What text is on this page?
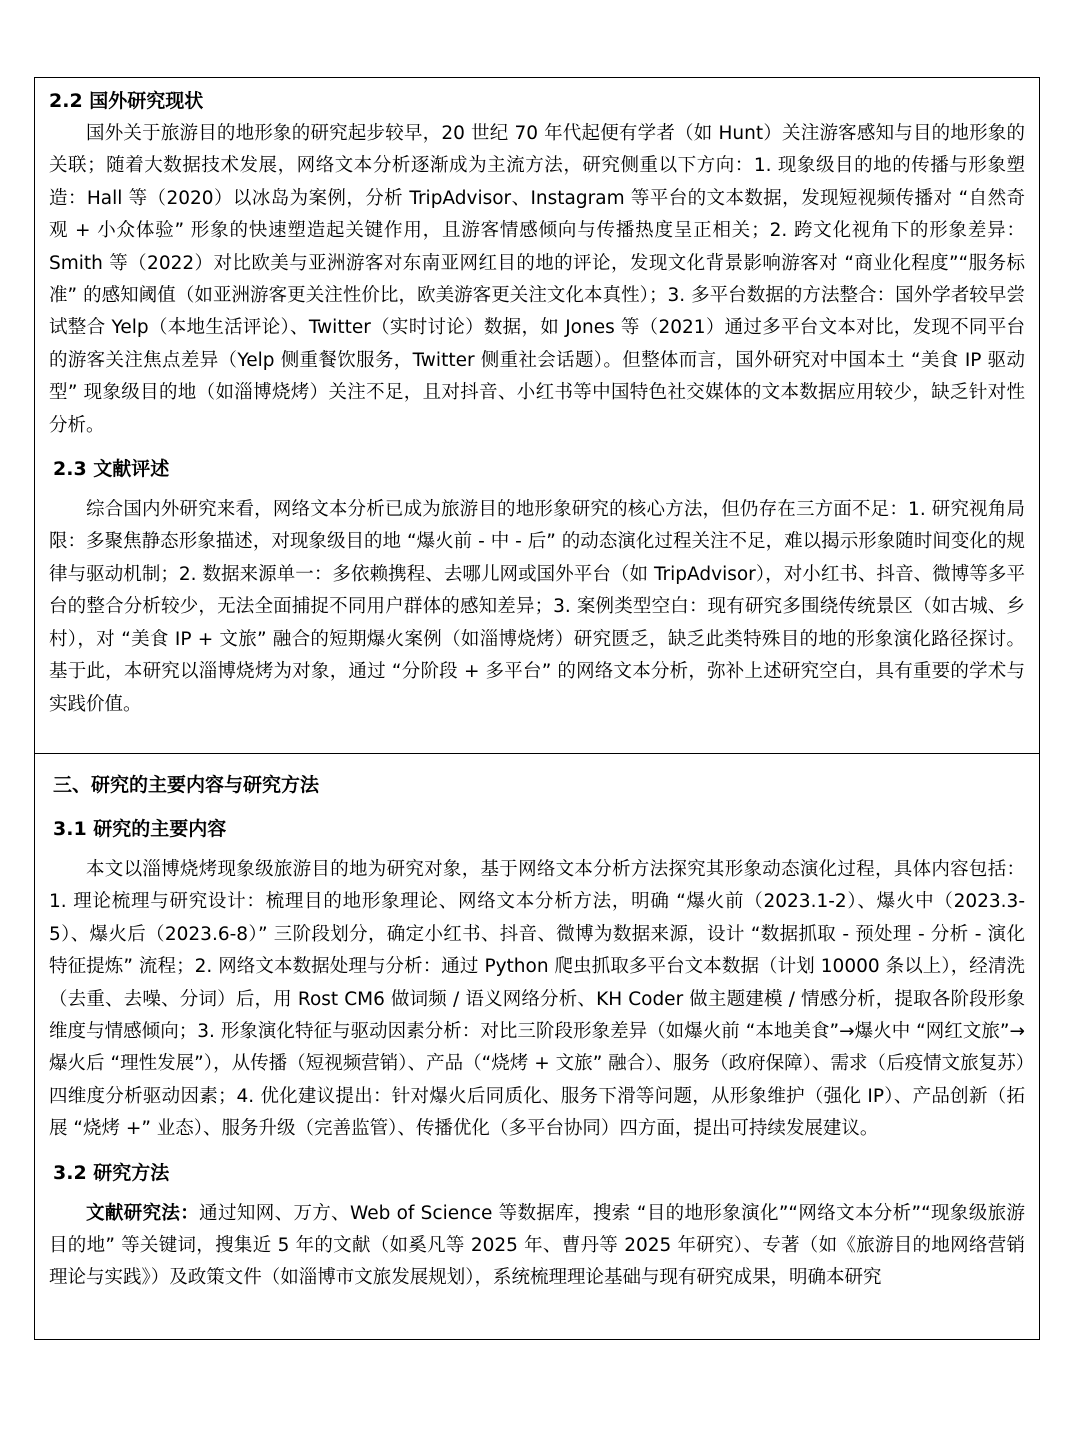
2.2 国外研究现状

国外关于旅游目的地形象的研究起步较早，20 世纪 70 年代起便有学者（如 Hunt）关注游客感知与目的地形象的关联；随着大数据技术发展，网络文本分析逐渐成为主流方法，研究侧重以下方向：1. 现象级目的地的传播与形象塑造：Hall 等（2020）以冰岛为案例，分析 TripAdvisor、Instagram 等平台的文本数据，发现短视频传播对 “自然奇观 + 小众体验” 形象的快速塑造起关键作用，且游客情感倾向与传播热度呈正相关；2. 跨文化视角下的形象差异：Smith 等（2022）对比欧美与亚洲游客对东南亚网红目的地的评论，发现文化背景影响游客对 “商业化程度”“服务标准” 的感知阈值（如亚洲游客更关注性价比，欧美游客更关注文化本真性）；3. 多平台数据的方法整合：国外学者较早尝试整合 Yelp（本地生活评论）、Twitter（实时讨论）数据，如 Jones 等（2021）通过多平台文本对比，发现不同平台的游客关注焦点差异（Yelp 侧重餐饮服务，Twitter 侧重社会话题）。但整体而言，国外研究对中国本土 “美食 IP 驱动型” 现象级目的地（如淄博烧烤）关注不足，且对抖音、小红书等中国特色社交媒体的文本数据应用较少，缺乏针对性分析。

2.3 文献评述

综合国内外研究来看，网络文本分析已成为旅游目的地形象研究的核心方法，但仍存在三方面不足：1. 研究视角局限：多聚焦静态形象描述，对现象级目的地 “爆火前 - 中 - 后” 的动态演化过程关注不足，难以揭示形象随时间变化的规律与驱动机制；2. 数据来源单一：多依赖携程、去哪儿网或国外平台（如 TripAdvisor），对小红书、抖音、微博等多平台的整合分析较少，无法全面捕捉不同用户群体的感知差异；3. 案例类型空白：现有研究多围绕传统景区（如古城、乡村），对 “美食 IP + 文旅” 融合的短期爆火案例（如淄博烧烤）研究匮乏，缺乏此类特殊目的地的形象演化路径探讨。基于此，本研究以淄博烧烤为对象，通过 “分阶段 + 多平台” 的网络文本分析，弥补上述研究空白，具有重要的学术与实践价值。

三、研究的主要内容与研究方法
3.1 研究的主要内容

本文以淄博烧烤现象级旅游目的地为研究对象，基于网络文本分析方法探究其形象动态演化过程，具体内容包括：1. 理论梳理与研究设计：梳理目的地形象理论、网络文本分析方法，明确 “爆火前（2023.1-2）、爆火中（2023.3-5）、爆火后（2023.6-8）” 三阶段划分，确定小红书、抖音、微博为数据来源，设计 “数据抓取 - 预处理 - 分析 - 演化特征提炼” 流程；2. 网络文本数据处理与分析：通过 Python 爬虫抓取多平台文本数据（计划 10000 条以上），经清洗（去重、去噪、分词）后，用 Rost CM6 做词频 / 语义网络分析、KH Coder 做主题建模 / 情感分析，提取各阶段形象维度与情感倾向；3. 形象演化特征与驱动因素分析：对比三阶段形象差异（如爆火前 “本地美食”→爆火中 “网红文旅”→爆火后 “理性发展”），从传播（短视频营销）、产品（“烧烤 + 文旅” 融合）、服务（政府保障）、需求（后疫情文旅复苏）四维度分析驱动因素；4. 优化建议提出：针对爆火后同质化、服务下滑等问题，从形象维护（强化 IP）、产品创新（拓展 “烧烤 +” 业态）、服务升级（完善监管）、传播优化（多平台协同）四方面，提出可持续发展建议。

3.2 研究方法

文献研究法：通过知网、万方、Web of Science 等数据库，搜索 “目的地形象演化”“网络文本分析”“现象级旅游目的地” 等关键词，搜集近 5 年的文献（如奚凡等 2025 年、曹丹等 2025 年研究）、专著（如《旅游目的地网络营销理论与实践》）及政策文件（如淄博市文旅发展规划），系统梳理理论基础与现有研究成果，明确本研究
